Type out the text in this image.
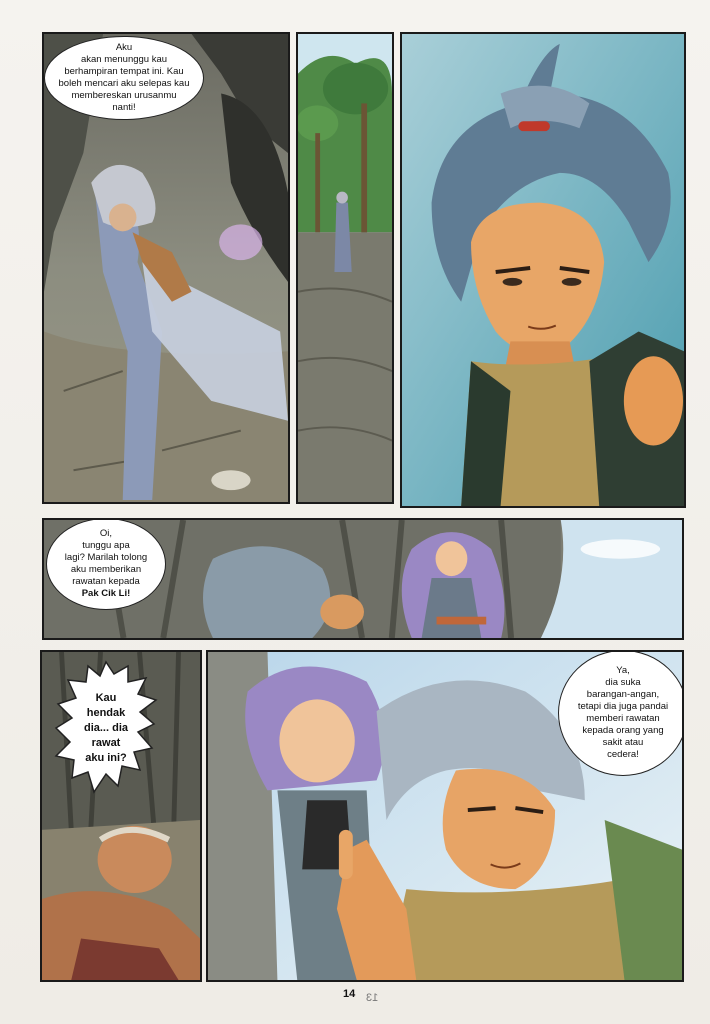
Aku
akan menunggu kau
berhampiran tempat ini. Kau
boleh mencari aku selepas kau
membereskan urusanmu
nanti!
Oi,
tunggu apa
lagi? Marilah tolong
aku memberikan
rawatan kepada
Pak Cik Li!
Kau
hendak
dia... dia
rawat
aku ini?
Ya,
dia suka
barangan-angan,
tetapi dia juga pandai
memberi rawatan
kepada orang yang
sakit atau
cedera!
14 13
